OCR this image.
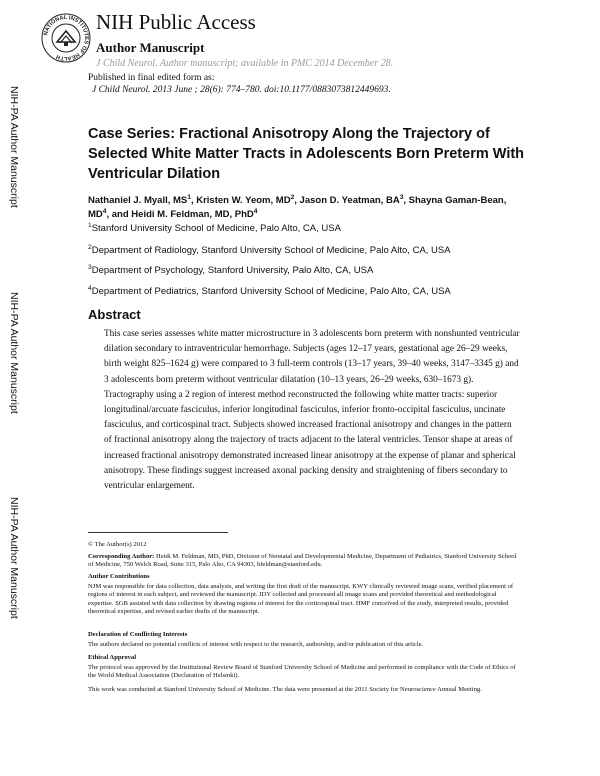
NATIONAL INSTITUTES OF HEALTH
NIH Public Access
Author Manuscript
J Child Neurol. Author manuscript; available in PMC 2014 December 28.
Published in final edited form as:
J Child Neurol. 2013 June ; 28(6): 774–780. doi:10.1177/0883073812449693.
NIH-PA Author Manuscript
NIH-PA Author Manuscript
NIH-PA Author Manuscript
Case Series: Fractional Anisotropy Along the Trajectory of Selected White Matter Tracts in Adolescents Born Preterm With Ventricular Dilation
Nathaniel J. Myall, $MS^1$, Kristen W. Yeom, $MD^2$, Jason D. Yeatman, $BA^3$, Shayna Gaman-Bean, $MD^4$, and Heidi M. Feldman, MD, PhD$^4$
$^1$Stanford University School of Medicine, Palo Alto, CA, USA
$^2$Department of Radiology, Stanford University School of Medicine, Palo Alto, CA, USA
$^3$Department of Psychology, Stanford University, Palo Alto, CA, USA
$^4$Department of Pediatrics, Stanford University School of Medicine, Palo Alto, CA, USA
Abstract
This case series assesses white matter microstructure in 3 adolescents born preterm with nonshunted ventricular dilation secondary to intraventricular hemorrhage. Subjects (ages 12–17 years, gestational age 26–29 weeks, birth weight 825–1624 g) were compared to 3 full-term controls (13–17 years, 39–40 weeks, 3147–3345 g) and 3 adolescents born preterm without ventricular dilatation (10–13 years, 26–29 weeks, 630–1673 g). Tractography using a 2 region of interest method reconstructed the following white matter tracts: superior longitudinal/arcuate fasciculus, inferior longitudinal fasciculus, inferior fronto-occipital fasciculus, uncinate fasciculus, and corticospinal tract. Subjects showed increased fractional anisotropy and changes in the pattern of fractional anisotropy along the trajectory of tracts adjacent to the lateral ventricles. Tensor shape at areas of increased fractional anisotropy demonstrated increased linear anisotropy at the expense of planar and spherical anisotropy. These findings suggest increased axonal packing density and straightening of fibers secondary to ventricular enlargement.
© The Author(s) 2012
Corresponding Author: Heidi M. Feldman, MD, PhD, Division of Neonatal and Developmental Medicine, Department of Pediatrics, Stanford University School of Medicine, 750 Welch Road, Suite 315, Palo Alto, CA 94303, hfeldman@stanford.edu.
Author Contributions
NJM was responsible for data collection, data analysis, and writing the first draft of the manuscript. KWY clinically reviewed image scans, verified placement of regions of interest in each subject, and reviewed the manuscript. JDY collected and processed all image scans and provided theoretical and methodological expertise. SGB assisted with data collection by drawing regions of interest for the corticospinal tract. HMF conceived of the study, interpreted results, provided theoretical expertise, and revised earlier drafts of the manuscript.
Declaration of Conflicting Interests
The authors declared no potential conflicts of interest with respect to the research, authorship, and/or publication of this article.
Ethical Approval
The protocol was approved by the Institutional Review Board of Stanford University School of Medicine and performed in compliance with the Code of Ethics of the World Medical Association (Declaration of Helsinki).
This work was conducted at Stanford University School of Medicine. The data were presented at the 2011 Society for Neuroscience Annual Meeting.
